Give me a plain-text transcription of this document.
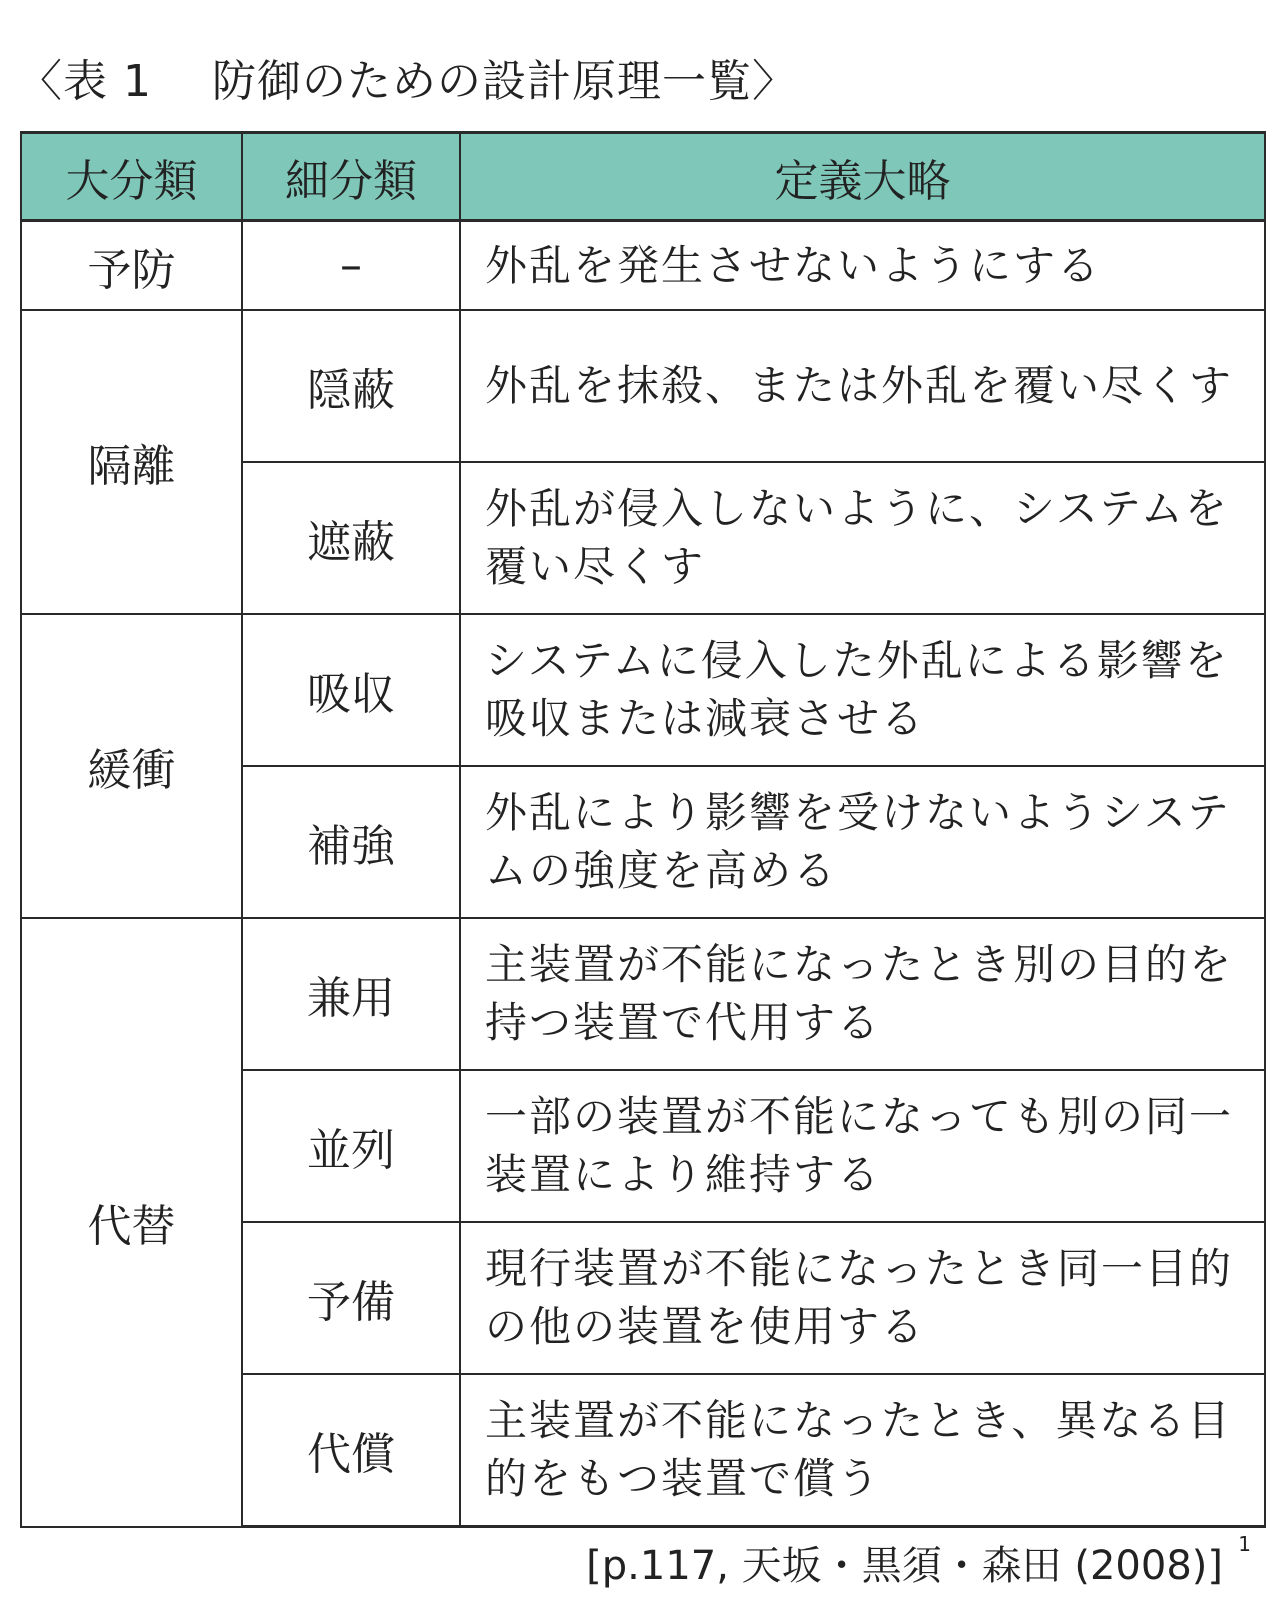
〈表 1 防御のための設計原理一覧〉
大分類	細分類	定義大略
予防	–	外乱を発生させないようにする
隔離	隠蔽	外乱を抹殺、または外乱を覆い尽くす
	遮蔽	外乱が侵入しないように、システムを覆い尽くす
緩衝	吸収	システムに侵入した外乱による影響を吸収または減衰させる
	補強	外乱により影響を受けないようシステムの強度を高める
代替	兼用	主装置が不能になったとき別の目的を持つ装置で代用する
	並列	一部の装置が不能になっても別の同一装置により維持する
	予備	現行装置が不能になったとき同一目的の他の装置を使用する
	代償	主装置が不能になったとき、異なる目的をもつ装置で償う
[p.117, 天坂・黒須・森田 (2008)] 1
